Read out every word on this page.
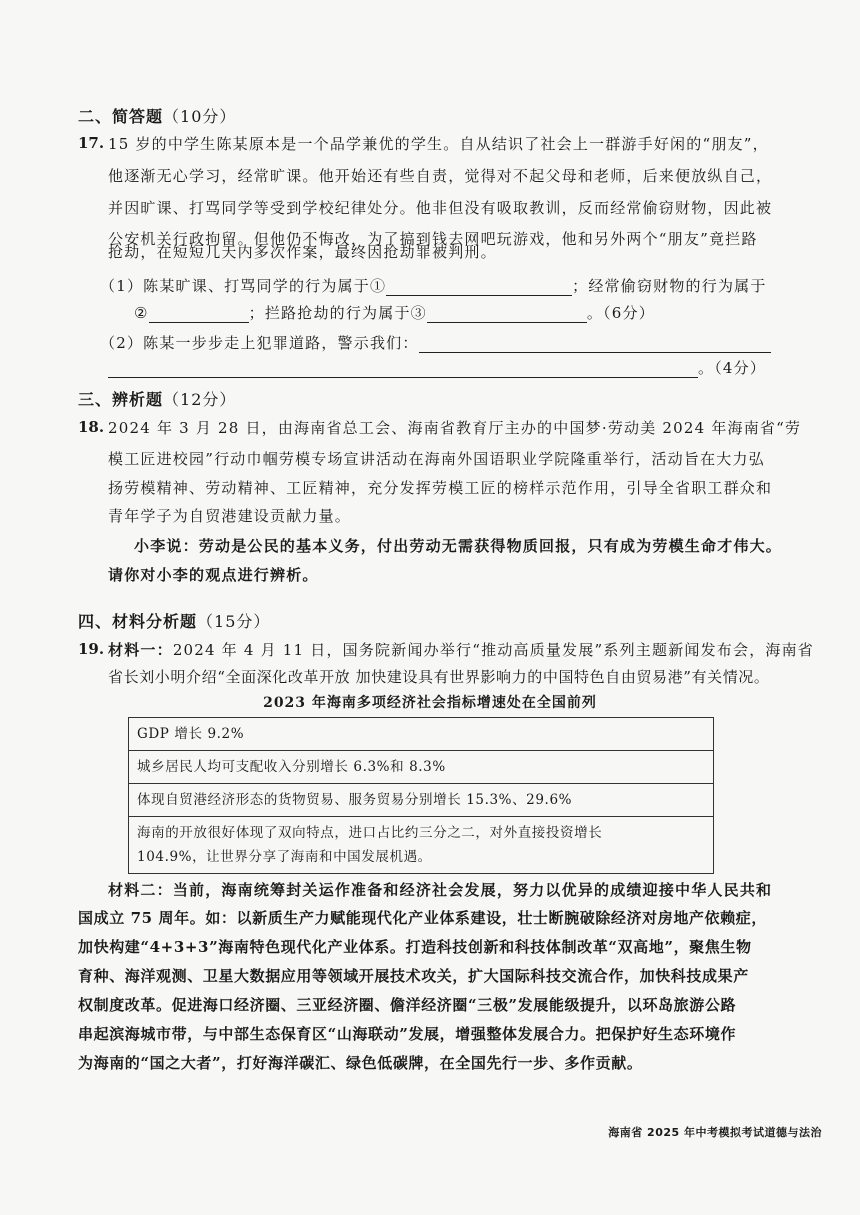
二、简答题（10分）
17. 15 岁的中学生陈某原本是一个品学兼优的学生。自从结识了社会上一群游手好闲的“朋友”，
他逐渐无心学习，经常旷课。他开始还有些自责，觉得对不起父母和老师，后来便放纵自己，
并因旷课、打骂同学等受到学校纪律处分。他非但没有吸取教训，反而经常偷窃财物，因此被
公安机关行政拘留。但他仍不悔改，为了搞到钱去网吧玩游戏，他和另外两个“朋友”竟拦路
抢劫，在短短几天内多次作案，最终因抢劫罪被判刑。
（1）陈某旷课、打骂同学的行为属于①	；经常偷窃财物的行为属于
②	；拦路抢劫的行为属于③	。（6分）
（2）陈某一步步走上犯罪道路，警示我们：
。（4分）
三、辨析题（12分）
18. 2024 年 3 月 28 日，由海南省总工会、海南省教育厅主办的中国梦·劳动美 2024 年海南省“劳
模工匠进校园”行动巾帼劳模专场宣讲活动在海南外国语职业学院隆重举行，活动旨在大力弘
扬劳模精神、劳动精神、工匠精神，充分发挥劳模工匠的榜样示范作用，引导全省职工群众和
青年学子为自贸港建设贡献力量。
小李说：劳动是公民的基本义务，付出劳动无需获得物质回报，只有成为劳模生命才伟大。
请你对小李的观点进行辨析。
四、材料分析题（15分）
19. 材料一：2024 年 4 月 11 日，国务院新闻办举行“推动高质量发展”系列主题新闻发布会，海南省
省长刘小明介绍“全面深化改革开放 加快建设具有世界影响力的中国特色自由贸易港”有关情况。
2023 年海南多项经济社会指标增速处在全国前列
GDP 增长 9.2%
城乡居民人均可支配收入分别增长 6.3%和 8.3%
体现自贸港经济形态的货物贸易、服务贸易分别增长 15.3%、29.6%

海南的开放很好体现了双向特点，进口占比约三分之二，对外直接投资增长
104.9%，让世界分享了海南和中国发展机遇。
材料二：当前，海南统筹封关运作准备和经济社会发展，努力以优异的成绩迎接中华人民共和
国成立 75 周年。如：以新质生产力赋能现代化产业体系建设，壮士断腕破除经济对房地产依赖症，
加快构建“4+3+3”海南特色现代化产业体系。打造科技创新和科技体制改革“双高地”，聚焦生物
育种、海洋观测、卫星大数据应用等领域开展技术攻关，扩大国际科技交流合作，加快科技成果产
权制度改革。促进海口经济圈、三亚经济圈、儋洋经济圈“三极”发展能级提升，以环岛旅游公路
串起滨海城市带，与中部生态保育区“山海联动”发展，增强整体发展合力。把保护好生态环境作
为海南的“国之大者”，打好海洋碳汇、绿色低碳牌，在全国先行一步、多作贡献。
海南省 2025 年中考模拟考试道德与法治
